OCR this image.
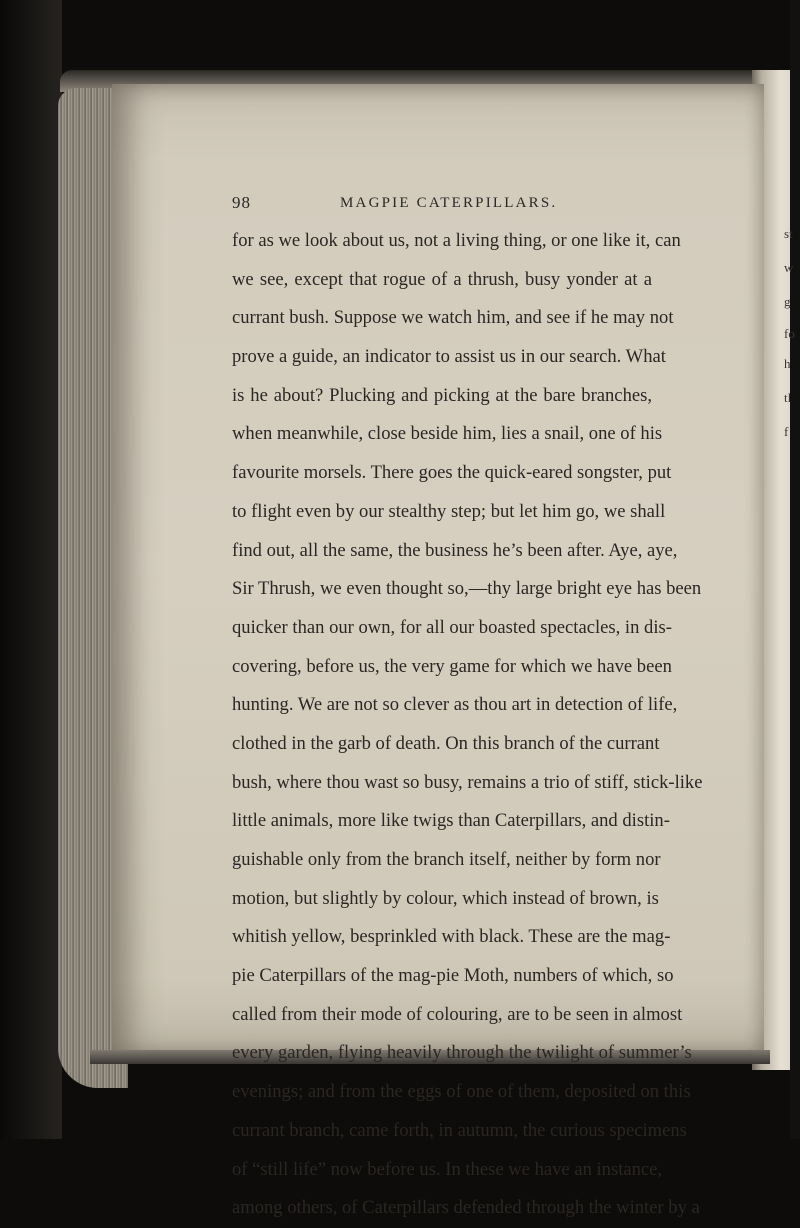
st
w
g
fo
h
tl
f
98	MAGPIE CATERPILLARS.
for as we look about us, not a living thing, or one like it, can
we see, except that rogue of a thrush, busy yonder at a
currant bush. Suppose we watch him, and see if he may not
prove a guide, an indicator to assist us in our search. What
is he about? Plucking and picking at the bare branches,
when meanwhile, close beside him, lies a snail, one of his
favourite morsels. There goes the quick-eared songster, put
to flight even by our stealthy step; but let him go, we shall
find out, all the same, the business he’s been after. Aye, aye,
Sir Thrush, we even thought so,—thy large bright eye has been
quicker than our own, for all our boasted spectacles, in dis-
covering, before us, the very game for which we have been
hunting. We are not so clever as thou art in detection of life,
clothed in the garb of death. On this branch of the currant
bush, where thou wast so busy, remains a trio of stiff, stick-like
little animals, more like twigs than Caterpillars, and distin-
guishable only from the branch itself, neither by form nor
motion, but slightly by colour, which instead of brown, is
whitish yellow, besprinkled with black. These are the mag-
pie Caterpillars of the mag-pie Moth, numbers of which, so
called from their mode of colouring, are to be seen in almost
every garden, flying heavily through the twilight of summer’s
evenings; and from the eggs of one of them, deposited on this
currant branch, came forth, in autumn, the curious specimens
of “still life” now before us. In these we have an instance,
among others, of Caterpillars defended through the winter by a
